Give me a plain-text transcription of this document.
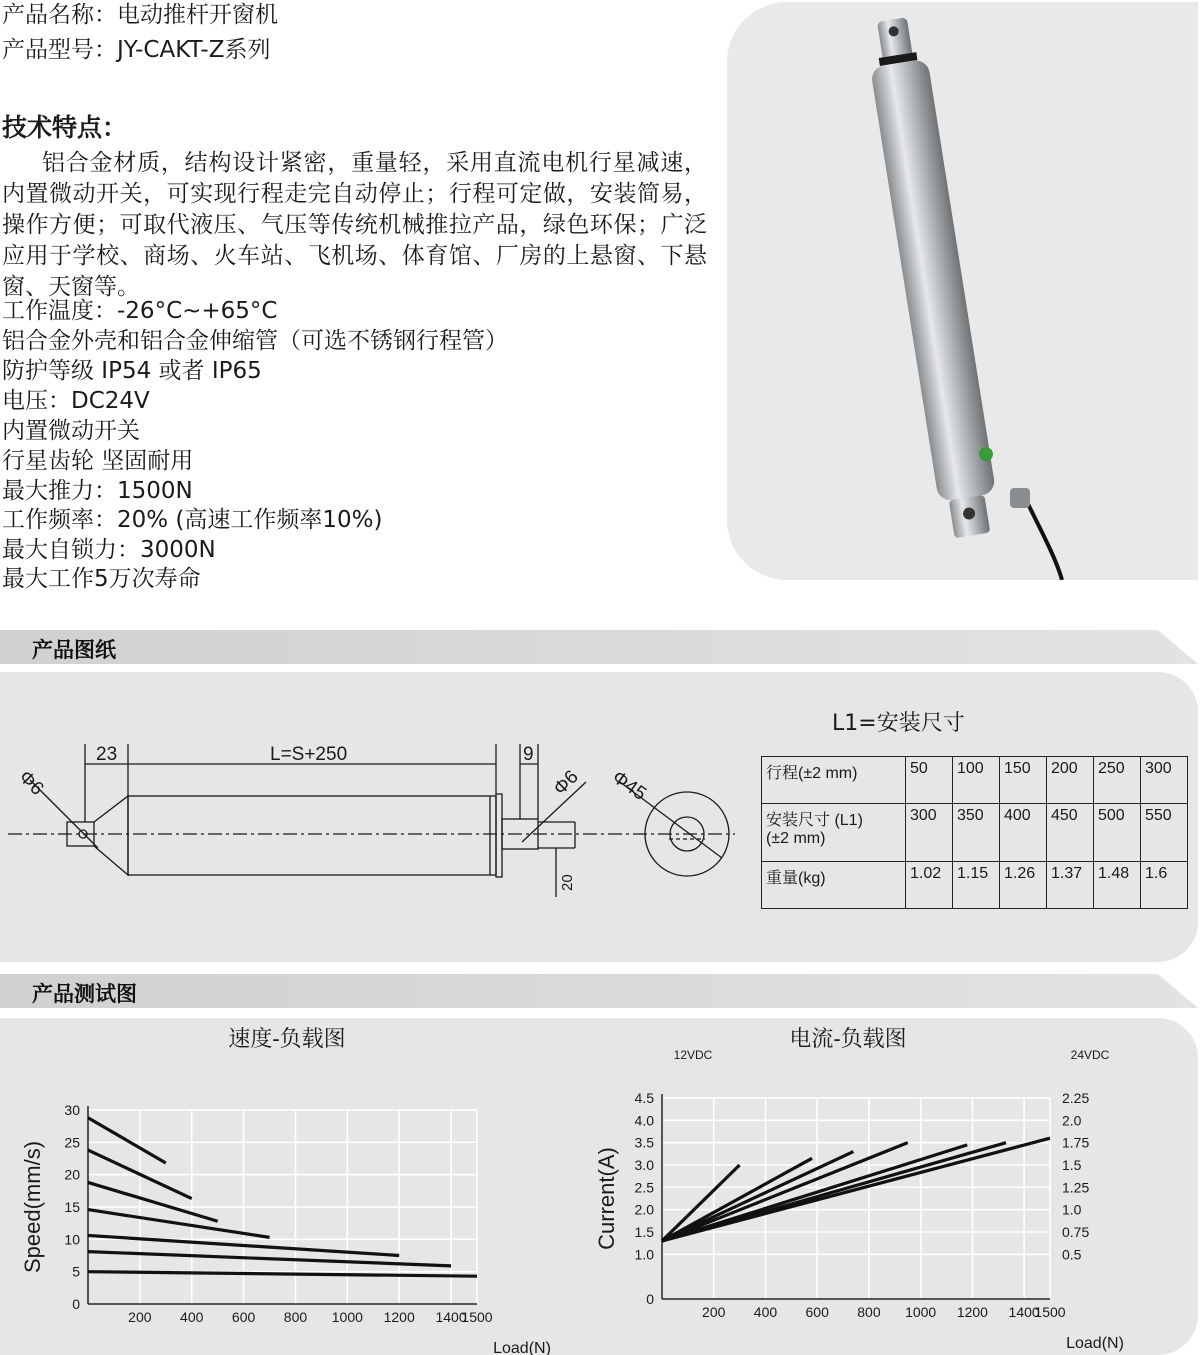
产品名称：电动推杆开窗机
产品型号：JY-CAKT-Z系列
技术特点：
铝合金材质，结构设计紧密，重量轻，采用直流电机行星减速，内置微动开关，可实现行程走完自动停止；行程可定做，安装简易，操作方便；可取代液压、气压等传统机械推拉产品，绿色环保；广泛应用于学校、商场、火车站、飞机场、体育馆、厂房的上悬窗、下悬窗、天窗等。
工作温度：-26°C~+65°C
铝合金外壳和铝合金伸缩管（可选不锈钢行程管）
防护等级 IP54 或者 IP65
电压：DC24V
内置微动开关
行星齿轮 坚固耐用
最大推力：1500N
工作频率：20% (高速工作频率10%)
最大自锁力：3000N
最大工作5万次寿命
产品图纸
Φ6
23	L=S+250	9
Φ6 Φ45
20
L1=安装尺寸
行程(±2 mm)	50	100	150	200	250	300
安装尺寸 (L1)
(±2 mm)	300	350	400	450	500	550
重量(kg)	1.02	1.15	1.26	1.37	1.48	1.6
产品测试图
速度-负载图
200 400 600 800 1000 1200 1400
1500
0
5
10
15
20
25
30
Load(N)
Speed(mm/s)
电流-负载图
200 400 600 800 1000 1200 1400
1500
0
1.0
1.5
2.0
2.5
3.0
3.5
4.0
4.5
Load(N)
Current(A)
0.5
0.75
1.0
1.25
1.5
1.75
2.0
2.25
12VDC	24VDC
